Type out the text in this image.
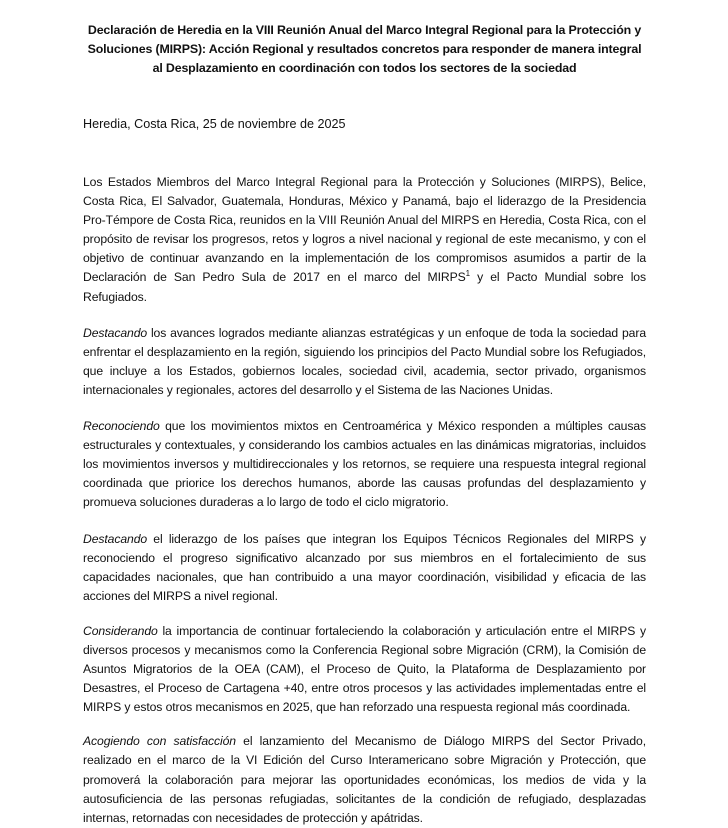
Declaración de Heredia en la VIII Reunión Anual del Marco Integral Regional para la Protección y Soluciones (MIRPS): Acción Regional y resultados concretos para responder de manera integral al Desplazamiento en coordinación con todos los sectores de la sociedad
Heredia, Costa Rica, 25 de noviembre de 2025

Los Estados Miembros del Marco Integral Regional para la Protección y Soluciones (MIRPS), Belice, Costa Rica, El Salvador, Guatemala, Honduras, México y Panamá, bajo el liderazgo de la Presidencia Pro-Témpore de Costa Rica, reunidos en la VIII Reunión Anual del MIRPS en Heredia, Costa Rica, con el propósito de revisar los progresos, retos y logros a nivel nacional y regional de este mecanismo, y con el objetivo de continuar avanzando en la implementación de los compromisos asumidos a partir de la Declaración de San Pedro Sula de 2017 en el marco del MIRPS$^1$ y el Pacto Mundial sobre los Refugiados.

Destacando los avances logrados mediante alianzas estratégicas y un enfoque de toda la sociedad para enfrentar el desplazamiento en la región, siguiendo los principios del Pacto Mundial sobre los Refugiados, que incluye a los Estados, gobiernos locales, sociedad civil, academia, sector privado, organismos internacionales y regionales, actores del desarrollo y el Sistema de las Naciones Unidas.

Reconociendo que los movimientos mixtos en Centroamérica y México responden a múltiples causas estructurales y contextuales, y considerando los cambios actuales en las dinámicas migratorias, incluidos los movimientos inversos y multidireccionales y los retornos, se requiere una respuesta integral regional coordinada que priorice los derechos humanos, aborde las causas profundas del desplazamiento y promueva soluciones duraderas a lo largo de todo el ciclo migratorio.

Destacando el liderazgo de los países que integran los Equipos Técnicos Regionales del MIRPS y reconociendo el progreso significativo alcanzado por sus miembros en el fortalecimiento de sus capacidades nacionales, que han contribuido a una mayor coordinación, visibilidad y eficacia de las acciones del MIRPS a nivel regional.

Considerando la importancia de continuar fortaleciendo la colaboración y articulación entre el MIRPS y diversos procesos y mecanismos como la Conferencia Regional sobre Migración (CRM), la Comisión de Asuntos Migratorios de la OEA (CAM), el Proceso de Quito, la Plataforma de Desplazamiento por Desastres, el Proceso de Cartagena +40, entre otros procesos y las actividades implementadas entre el MIRPS y estos otros mecanismos en 2025, que han reforzado una respuesta regional más coordinada.

Acogiendo con satisfacción el lanzamiento del Mecanismo de Diálogo MIRPS del Sector Privado, realizado en el marco de la VI Edición del Curso Interamericano sobre Migración y Protección, que promoverá la colaboración para mejorar las oportunidades económicas, los medios de vida y la autosuficiencia de las personas refugiadas, solicitantes de la condición de refugiado, desplazadas internas, retornadas con necesidades de protección y apátridas.
